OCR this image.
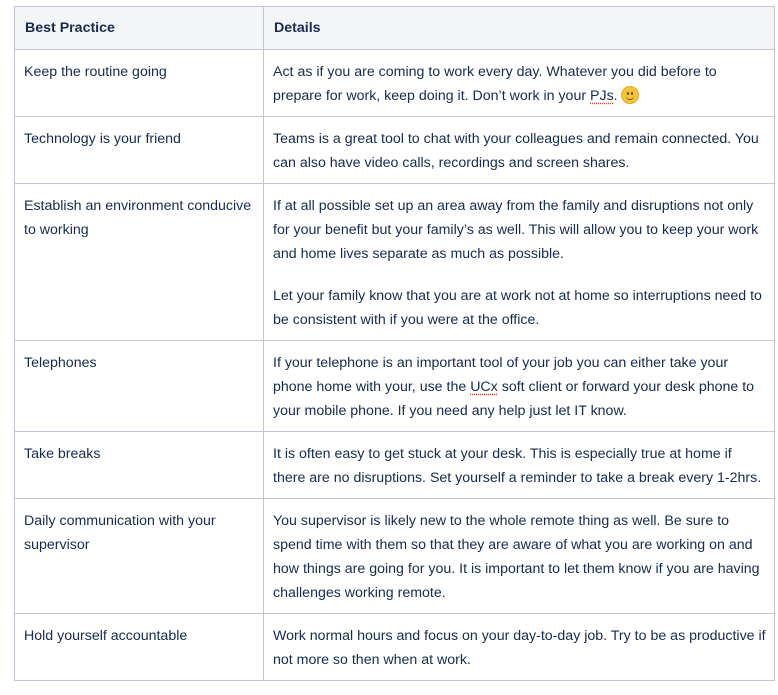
Best Practice	Details
Keep the routine going	Act as if you are coming to work every day. Whatever you did before to prepare for work, keep doing it. Don’t work in your PJs.

Technology is your friend	Teams is a great tool to chat with your colleagues and remain connected. You can also have video calls, recordings and screen shares.

Establish an environment conducive to working	If at all possible set up an area away from the family and disruptions not only for your benefit but your family’s as well. This will allow you to keep your work and home lives separate as much as possible.

Let your family know that you are at work not at home so interruptions need to be consistent with if you were at the office.

Telephones	If your telephone is an important tool of your job you can either take your phone home with your, use the UCx soft client or forward your desk phone to your mobile phone. If you need any help just let IT know.

Take breaks	It is often easy to get stuck at your desk. This is especially true at home if there are no disruptions. Set yourself a reminder to take a break every 1-2hrs.

Daily communication with your supervisor	You supervisor is likely new to the whole remote thing as well. Be sure to spend time with them so that they are aware of what you are working on and how things are going for you. It is important to let them know if you are having challenges working remote.

Hold yourself accountable	Work normal hours and focus on your day-to-day job. Try to be as productive if not more so then when at work.
